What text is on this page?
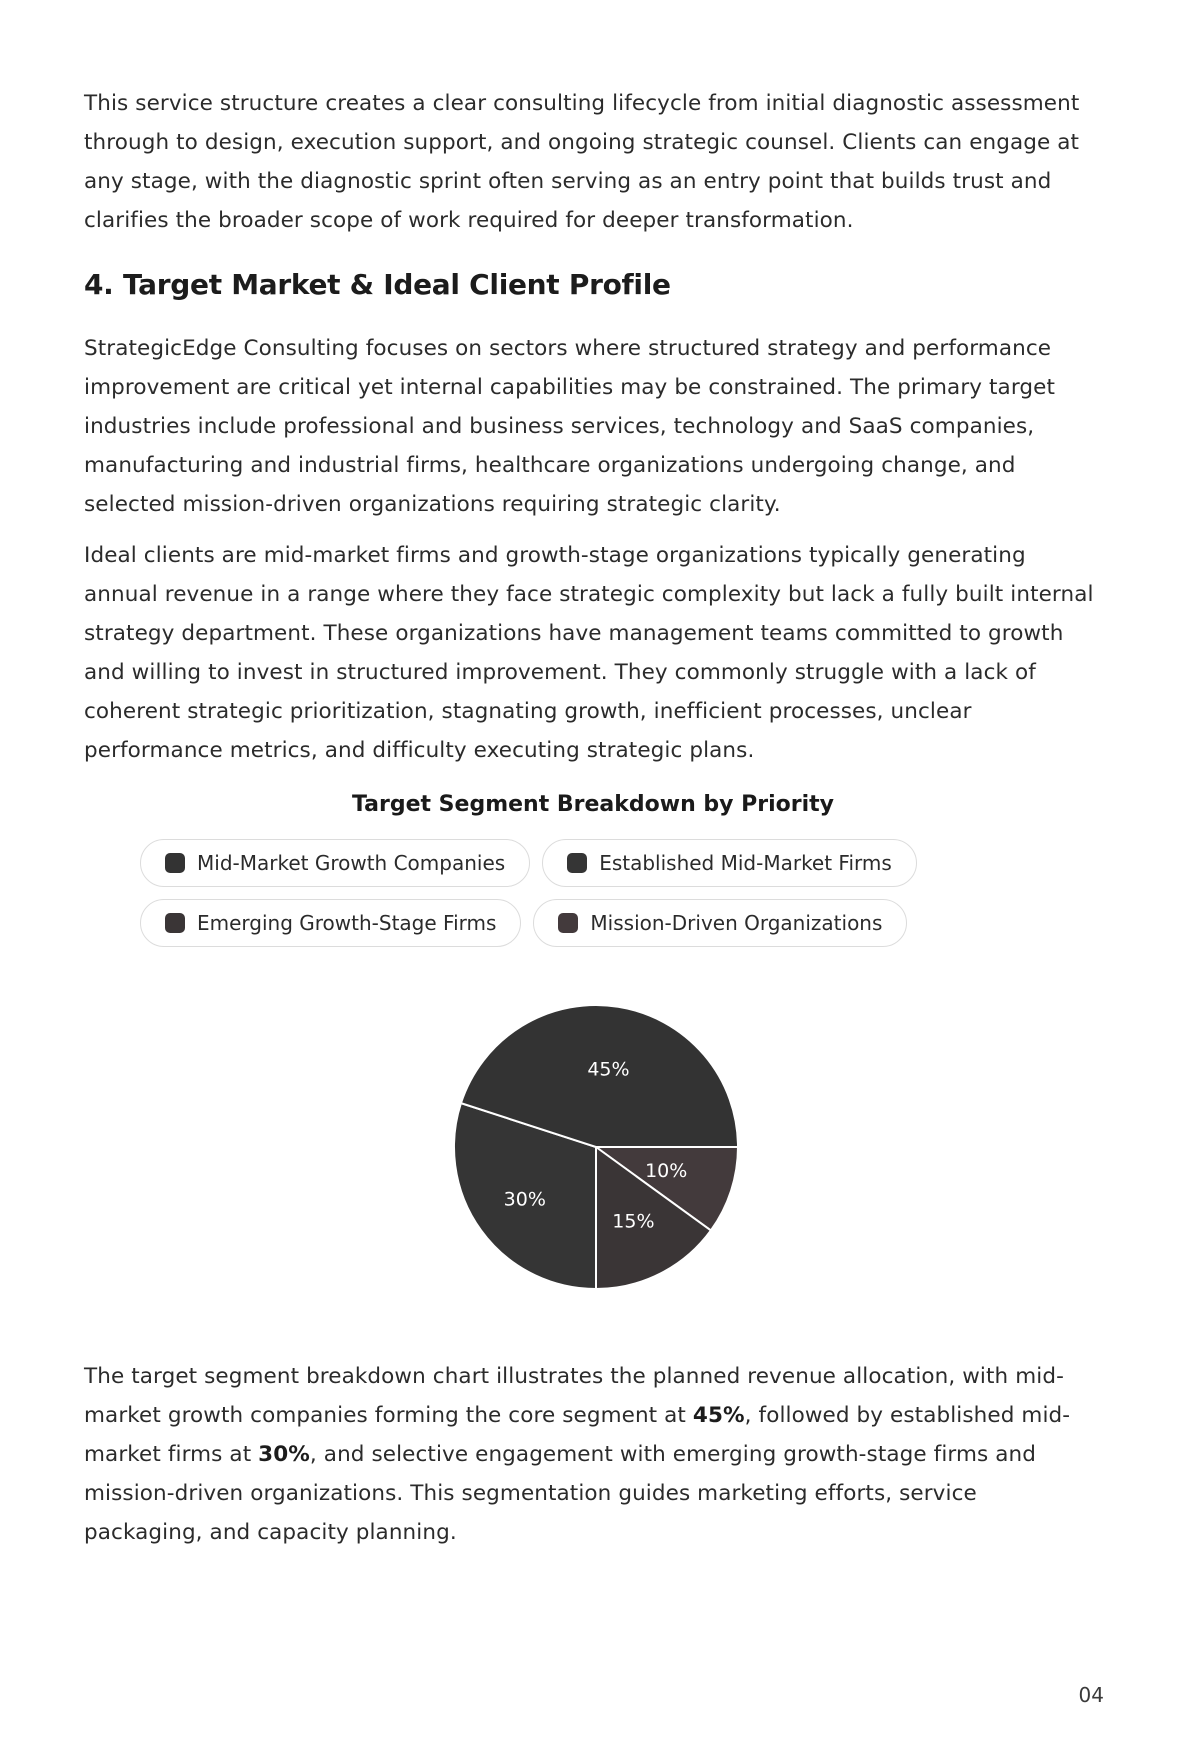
This service structure creates a clear consulting lifecycle from initial diagnostic assessment through to design, execution support, and ongoing strategic counsel. Clients can engage at any stage, with the diagnostic sprint often serving as an entry point that builds trust and clarifies the broader scope of work required for deeper transformation.

4. Target Market & Ideal Client Profile

StrategicEdge Consulting focuses on sectors where structured strategy and performance improvement are critical yet internal capabilities may be constrained. The primary target industries include professional and business services, technology and SaaS companies, manufacturing and industrial firms, healthcare organizations undergoing change, and selected mission-driven organizations requiring strategic clarity.

Ideal clients are mid-market firms and growth-stage organizations typically generating annual revenue in a range where they face strategic complexity but lack a fully built internal strategy department. These organizations have management teams committed to growth and willing to invest in structured improvement. They commonly struggle with a lack of coherent strategic prioritization, stagnating growth, inefficient processes, unclear performance metrics, and difficulty executing strategic plans.

Target Segment Breakdown by Priority
Mid-Market Growth Companies	Established Mid-Market Firms
Emerging Growth-Stage Firms	Mission-Driven Organizations
10%
15%
30%
45%

The target segment breakdown chart illustrates the planned revenue allocation, with mid-market growth companies forming the core segment at 45%, followed by established mid-market firms at 30%, and selective engagement with emerging growth-stage firms and mission-driven organizations. This segmentation guides marketing efforts, service packaging, and capacity planning.

04
